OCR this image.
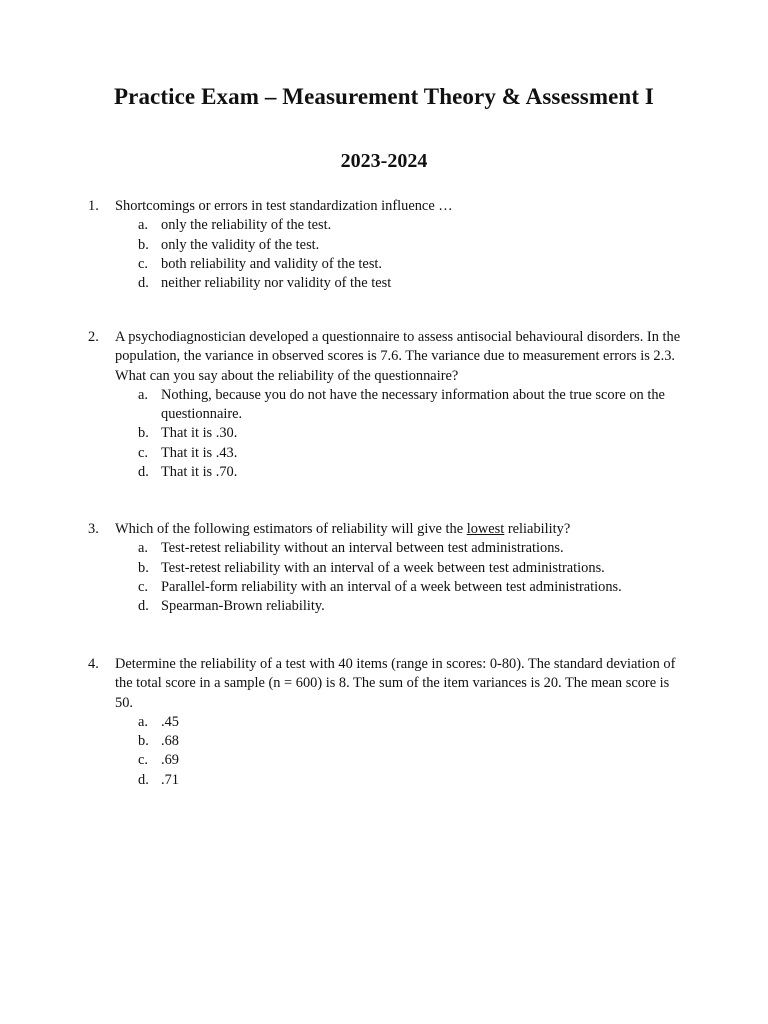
Practice Exam – Measurement Theory & Assessment I
2023-2024
1. Shortcomings or errors in test standardization influence …
a. only the reliability of the test.
b. only the validity of the test.
c. both reliability and validity of the test.
d. neither reliability nor validity of the test
2. A psychodiagnostician developed a questionnaire to assess antisocial behavioural disorders. In the population, the variance in observed scores is 7.6. The variance due to measurement errors is 2.3. What can you say about the reliability of the questionnaire?
a. Nothing, because you do not have the necessary information about the true score on the questionnaire.
b. That it is .30.
c. That it is .43.
d. That it is .70.
3. Which of the following estimators of reliability will give the lowest reliability?
a. Test-retest reliability without an interval between test administrations.
b. Test-retest reliability with an interval of a week between test administrations.
c. Parallel-form reliability with an interval of a week between test administrations.
d. Spearman-Brown reliability.
4. Determine the reliability of a test with 40 items (range in scores: 0-80). The standard deviation of the total score in a sample (n = 600) is 8. The sum of the item variances is 20. The mean score is 50.
a. .45
b. .68
c. .69
d. .71
